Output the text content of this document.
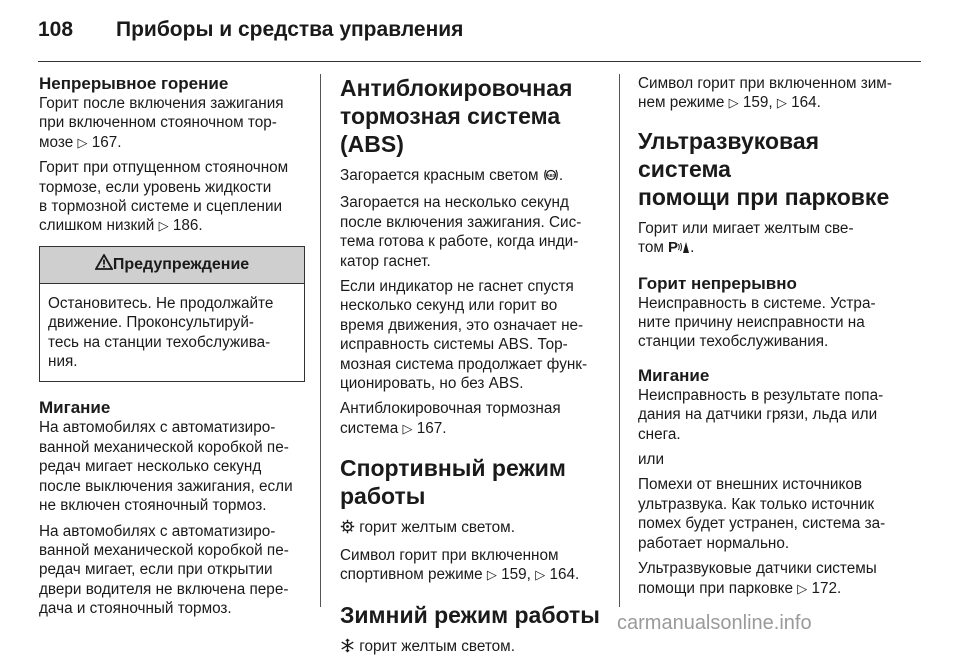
108 Приборы и средства управления
Непрерывное горение

Горит после включения зажигания
при включенном стояночном тор-
мозе ▷ 167.

Горит при отпущенном стояночном
тормозе, если уровень жидкости
в тормозной системе и сцеплении
слишком низкий ▷ 186.

Предупреждение
Остановитесь. Не продолжайте
движение. Проконсультируй-
тесь на станции техобслужива-
ния.
Мигание

На автомобилях с автоматизиро-
ванной механической коробкой пе-
редач мигает несколько секунд
после выключения зажигания, если
не включен стояночный тормоз.

На автомобилях с автоматизиро-
ванной механической коробкой пе-
редач мигает, если при открытии
двери водителя не включена пере-
дача и стояночный тормоз.

Антиблокировочная
тормозная система (ABS)

Загорается красным светом ABS .

Загорается на несколько секунд
после включения зажигания. Сис-
тема готова к работе, когда инди-
катор гаснет.

Если индикатор не гаснет спустя
несколько секунд или горит во
время движения, это означает не-
исправность системы ABS. Тор-
мозная система продолжает функ-
ционировать, но без ABS.

Антиблокировочная тормозная
система ▷ 167.

Спортивный режим
работы

горит желтым светом.

Символ горит при включенном
спортивном режиме ▷ 159, ▷ 164.

Зимний режим работы

горит желтым светом.

Символ горит при включенном зим-
нем режиме ▷ 159, ▷ 164.

Ультразвуковая система
помощи при парковке

Горит или мигает желтым све-
том P .

Горит непрерывно

Неисправность в системе. Устра-
ните причину неисправности на
станции техобслуживания.

Мигание

Неисправность в результате попа-
дания на датчики грязи, льда или
снега.

или

Помехи от внешних источников
ультразвука. Как только источник
помех будет устранен, система за-
работает нормально.

Ультразвуковые датчики системы
помощи при парковке ▷ 172.

carmanualsonline.info
